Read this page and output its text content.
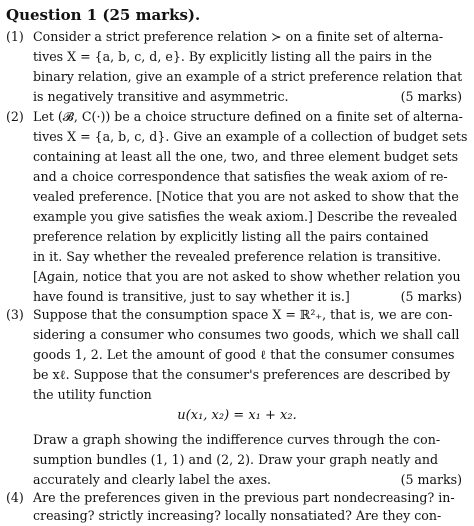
Question 1 (25 marks).
(1) Consider a strict preference relation ≻ on a finite set of alterna-
tives X = {a, b, c, d, e}. By explicitly listing all the pairs in the
binary relation, give an example of a strict preference relation that
is negatively transitive and asymmetric.	(5 marks)
(2) Let (𝓑, C(·)) be a choice structure defined on a finite set of alterna-
tives X = {a, b, c, d}. Give an example of a collection of budget sets
containing at least all the one, two, and three element budget sets
and a choice correspondence that satisfies the weak axiom of re-
vealed preference. [Notice that you are not asked to show that the
example you give satisfies the weak axiom.] Describe the revealed
preference relation by explicitly listing all the pairs contained
in it. Say whether the revealed preference relation is transitive.
[Again, notice that you are not asked to show whether relation you
have found is transitive, just to say whether it is.]	(5 marks)
(3) Suppose that the consumption space X = ℝ²₊, that is, we are con-
sidering a consumer who consumes two goods, which we shall call
goods 1, 2. Let the amount of good ℓ that the consumer consumes
be xℓ. Suppose that the consumer's preferences are described by
the utility function
u(x₁, x₂) = x₁ + x₂.
Draw a graph showing the indifference curves through the con-
sumption bundles (1, 1) and (2, 2). Draw your graph neatly and
accurately and clearly label the axes.	(5 marks)
(4) Are the preferences given in the previous part nondecreasing? in-
creasing? strictly increasing? locally nonsatiated? Are they con-
